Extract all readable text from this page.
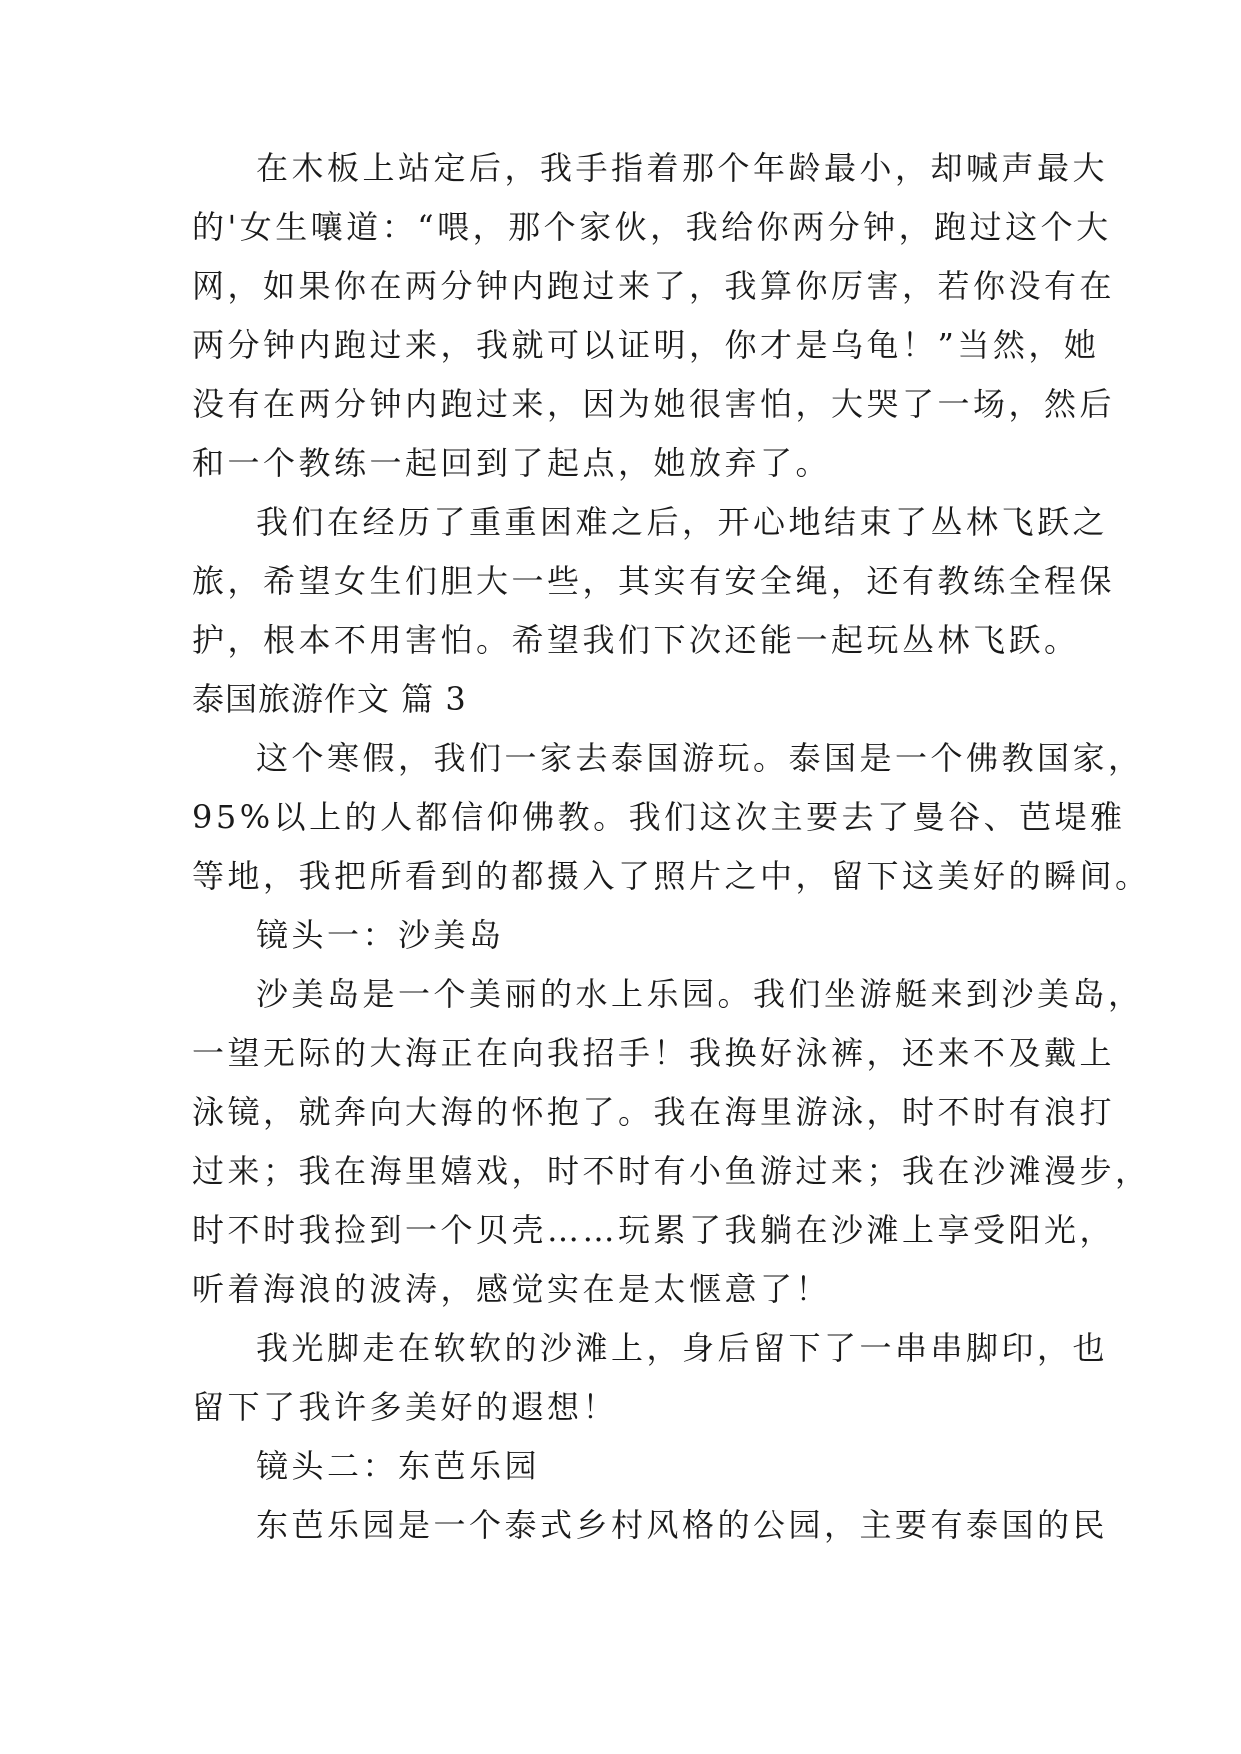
在木板上站定后，我手指着那个年龄最小，却喊声最大
的'女生嚷道：“喂，那个家伙，我给你两分钟，跑过这个大
网，如果你在两分钟内跑过来了，我算你厉害，若你没有在
两分钟内跑过来，我就可以证明，你才是乌龟！”当然，她
没有在两分钟内跑过来，因为她很害怕，大哭了一场，然后
和一个教练一起回到了起点，她放弃了。
我们在经历了重重困难之后，开心地结束了丛林飞跃之
旅，希望女生们胆大一些，其实有安全绳，还有教练全程保
护，根本不用害怕。希望我们下次还能一起玩丛林飞跃。
泰国旅游作文 篇 3
这个寒假，我们一家去泰国游玩。泰国是一个佛教国家，
95%以上的人都信仰佛教。我们这次主要去了曼谷、芭堤雅
等地，我把所看到的都摄入了照片之中，留下这美好的瞬间。
镜头一：沙美岛
沙美岛是一个美丽的水上乐园。我们坐游艇来到沙美岛，
一望无际的大海正在向我招手！我换好泳裤，还来不及戴上
泳镜，就奔向大海的怀抱了。我在海里游泳，时不时有浪打
过来；我在海里嬉戏，时不时有小鱼游过来；我在沙滩漫步，
时不时我捡到一个贝壳……玩累了我躺在沙滩上享受阳光，
听着海浪的波涛，感觉实在是太惬意了！
我光脚走在软软的沙滩上，身后留下了一串串脚印，也
留下了我许多美好的遐想！
镜头二：东芭乐园
东芭乐园是一个泰式乡村风格的公园，主要有泰国的民
